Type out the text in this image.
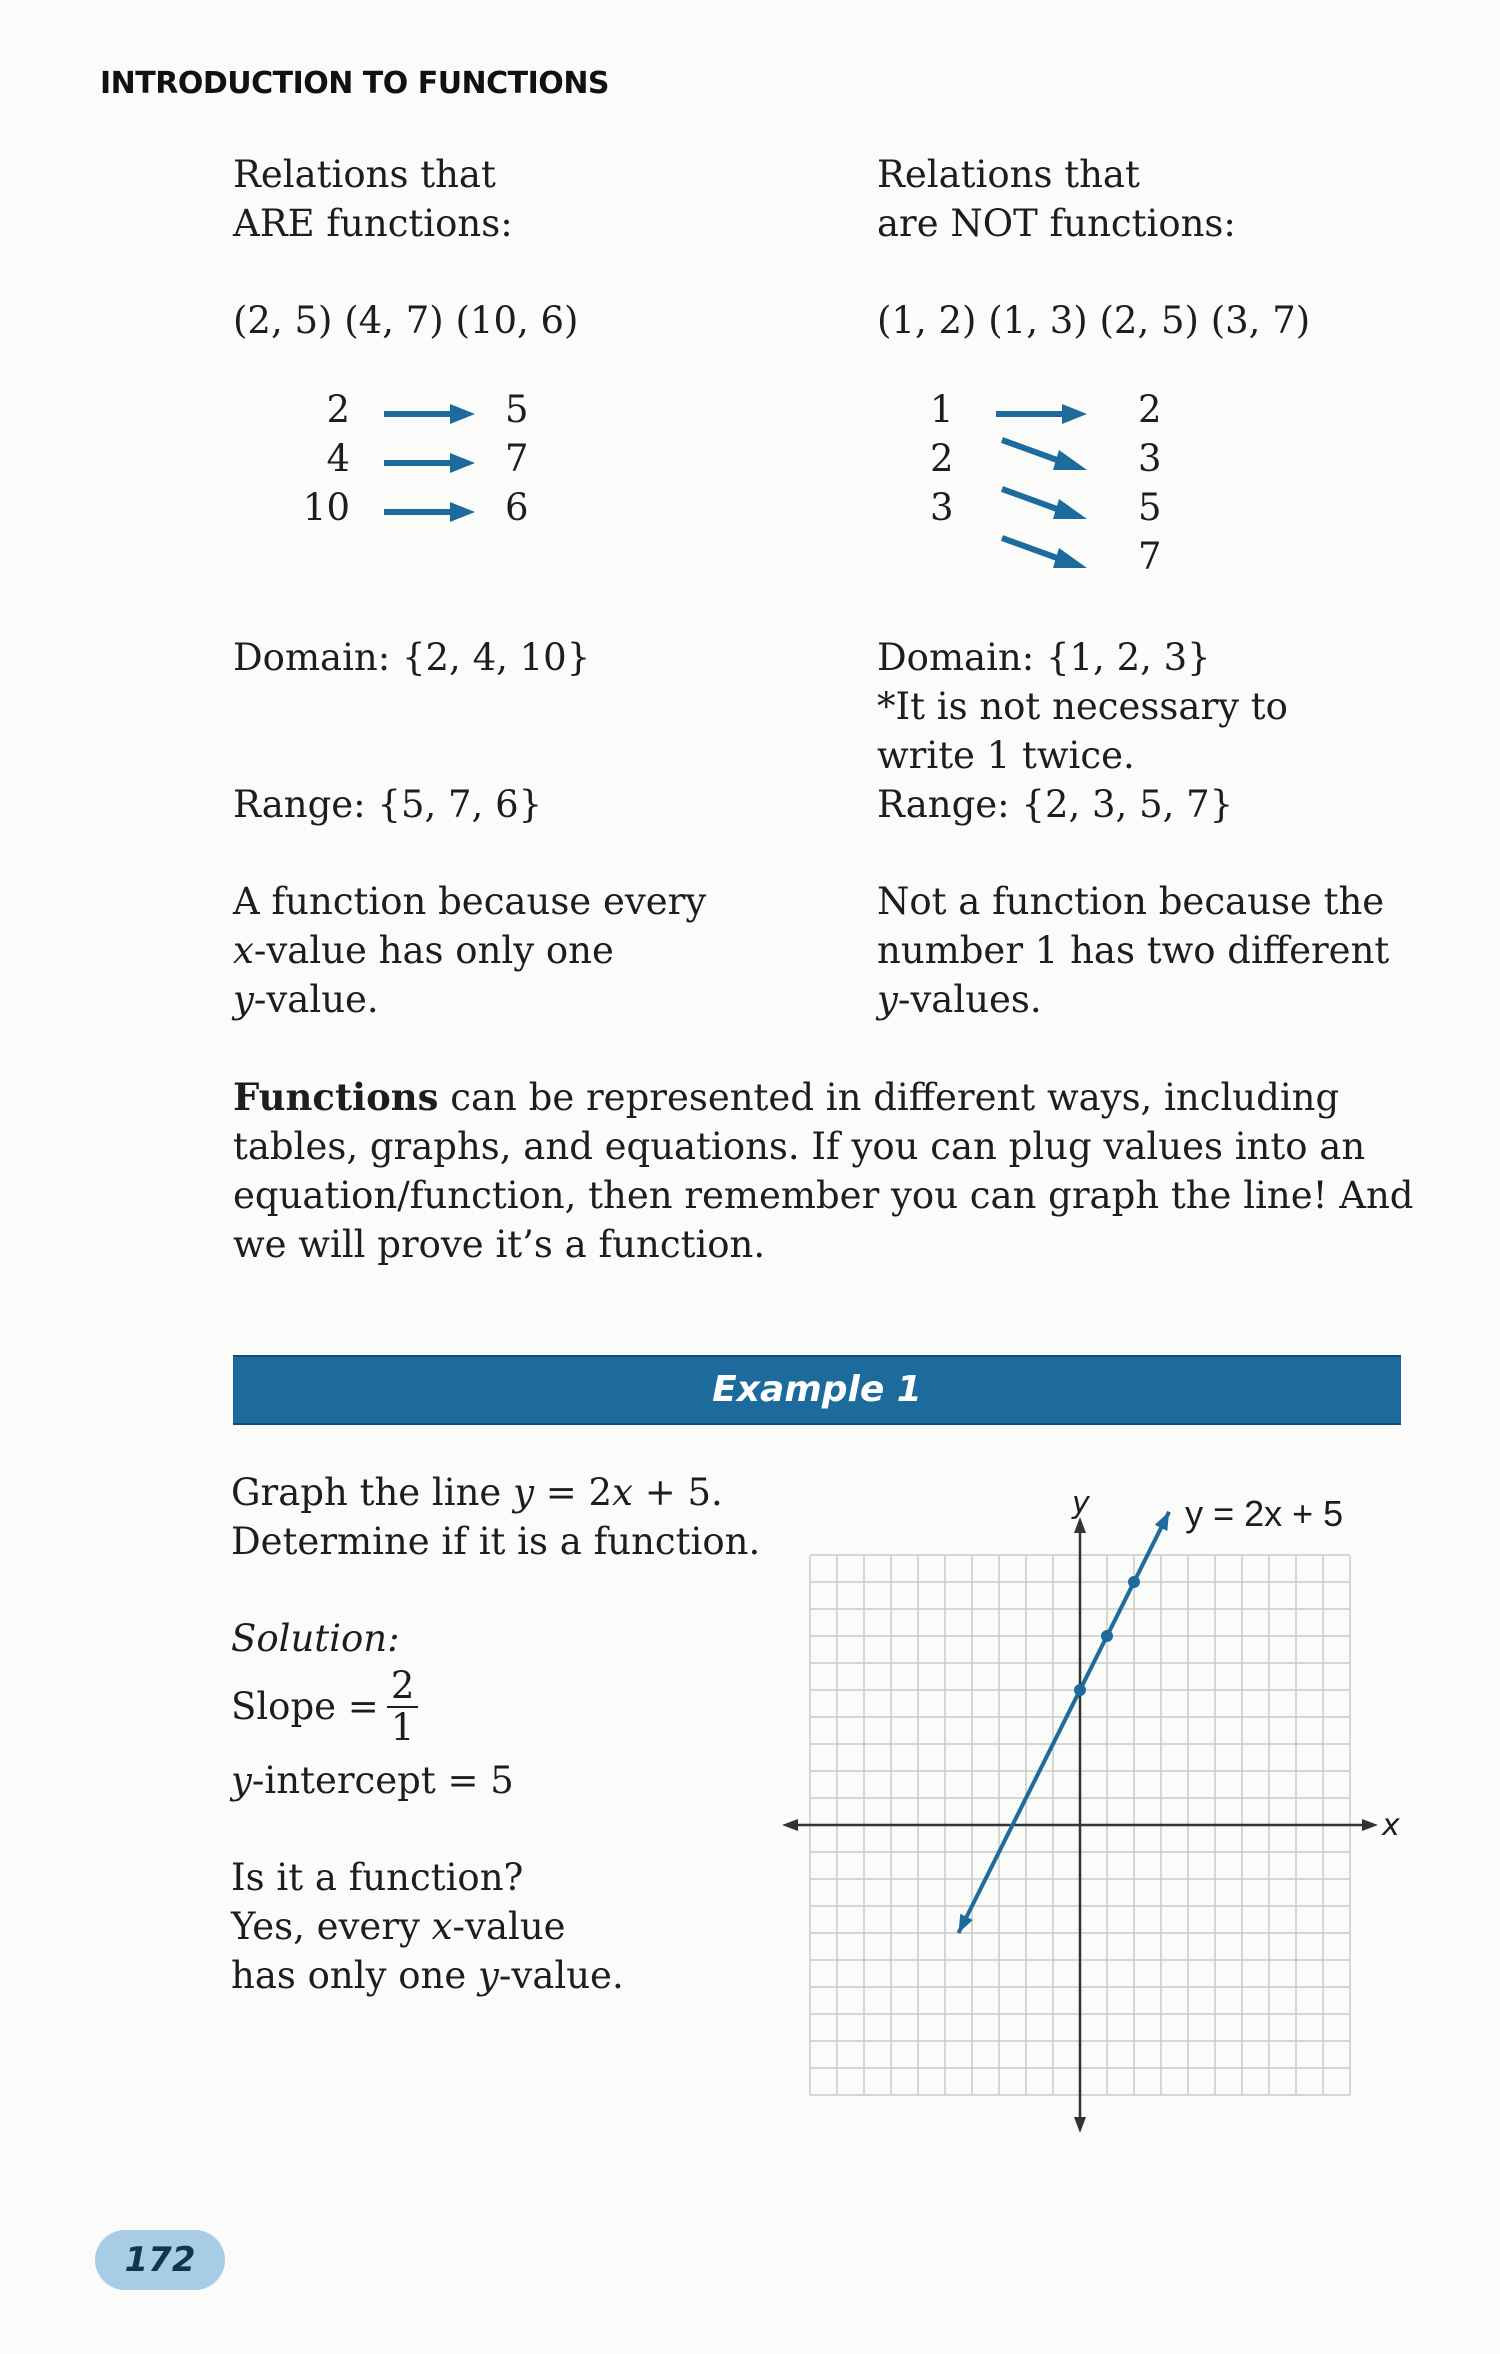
INTRODUCTION TO FUNCTIONS
Relations that
ARE functions:
(2, 5) (4, 7) (10, 6)
2
4
10
5
7
6
Domain: {2, 4, 10}
Range: {5, 7, 6}
A function because every
x-value has only one
y-value.
Relations that
are NOT functions:
(1, 2) (1, 3) (2, 5) (3, 7)
1
2
3
2
3
5
7
Domain: {1, 2, 3}
*It is not necessary to
write 1 twice.
Range: {2, 3, 5, 7}
Not a function because the
number 1 has two different
y-values.
Functions can be represented in different ways, including
tables, graphs, and equations. If you can plug values into an
equation/function, then remember you can graph the line! And
we will prove it’s a function.
Example 1
Graph the line y = 2x + 5.
Determine if it is a function.
Solution:
Slope = $\frac{2}{1}$
y-intercept = 5
Is it a function?
Yes, every x-value
has only one y-value.
x
y	y = 2x + 5
172
